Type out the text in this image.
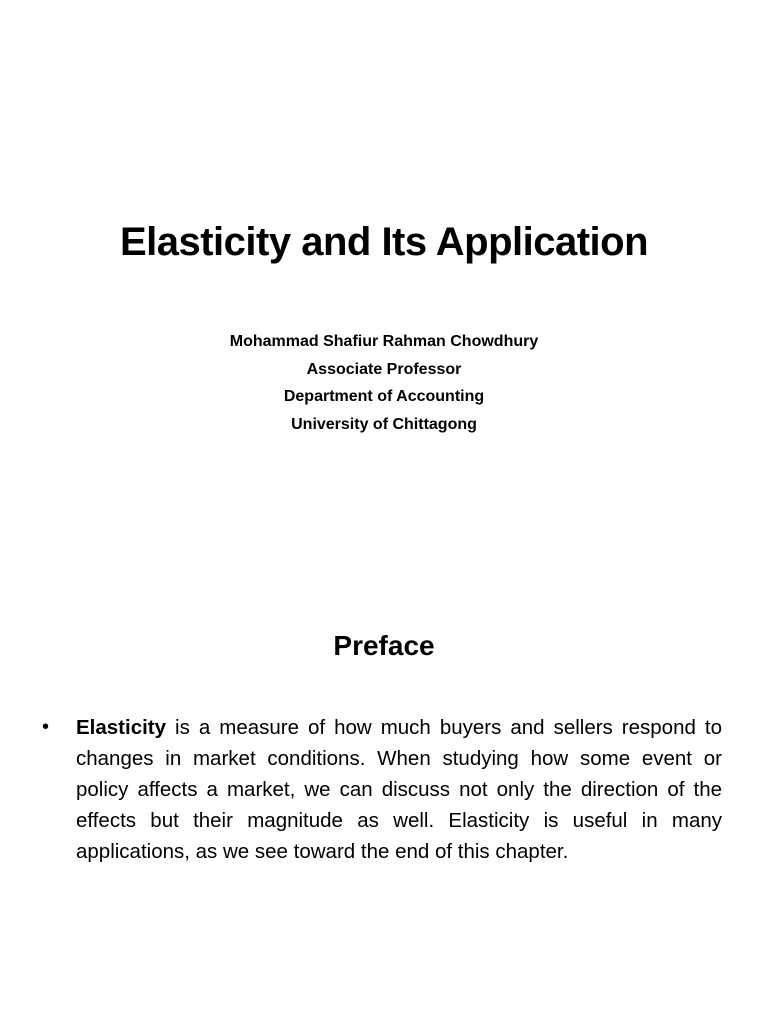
Elasticity and Its Application
Mohammad Shafiur Rahman Chowdhury
Associate Professor
Department of Accounting
University of Chittagong
Preface
• Elasticity is a measure of how much buyers and sellers respond to changes in market conditions. When studying how some event or policy affects a market, we can discuss not only the direction of the effects but their magnitude as well. Elasticity is useful in many applications, as we see toward the end of this chapter.
